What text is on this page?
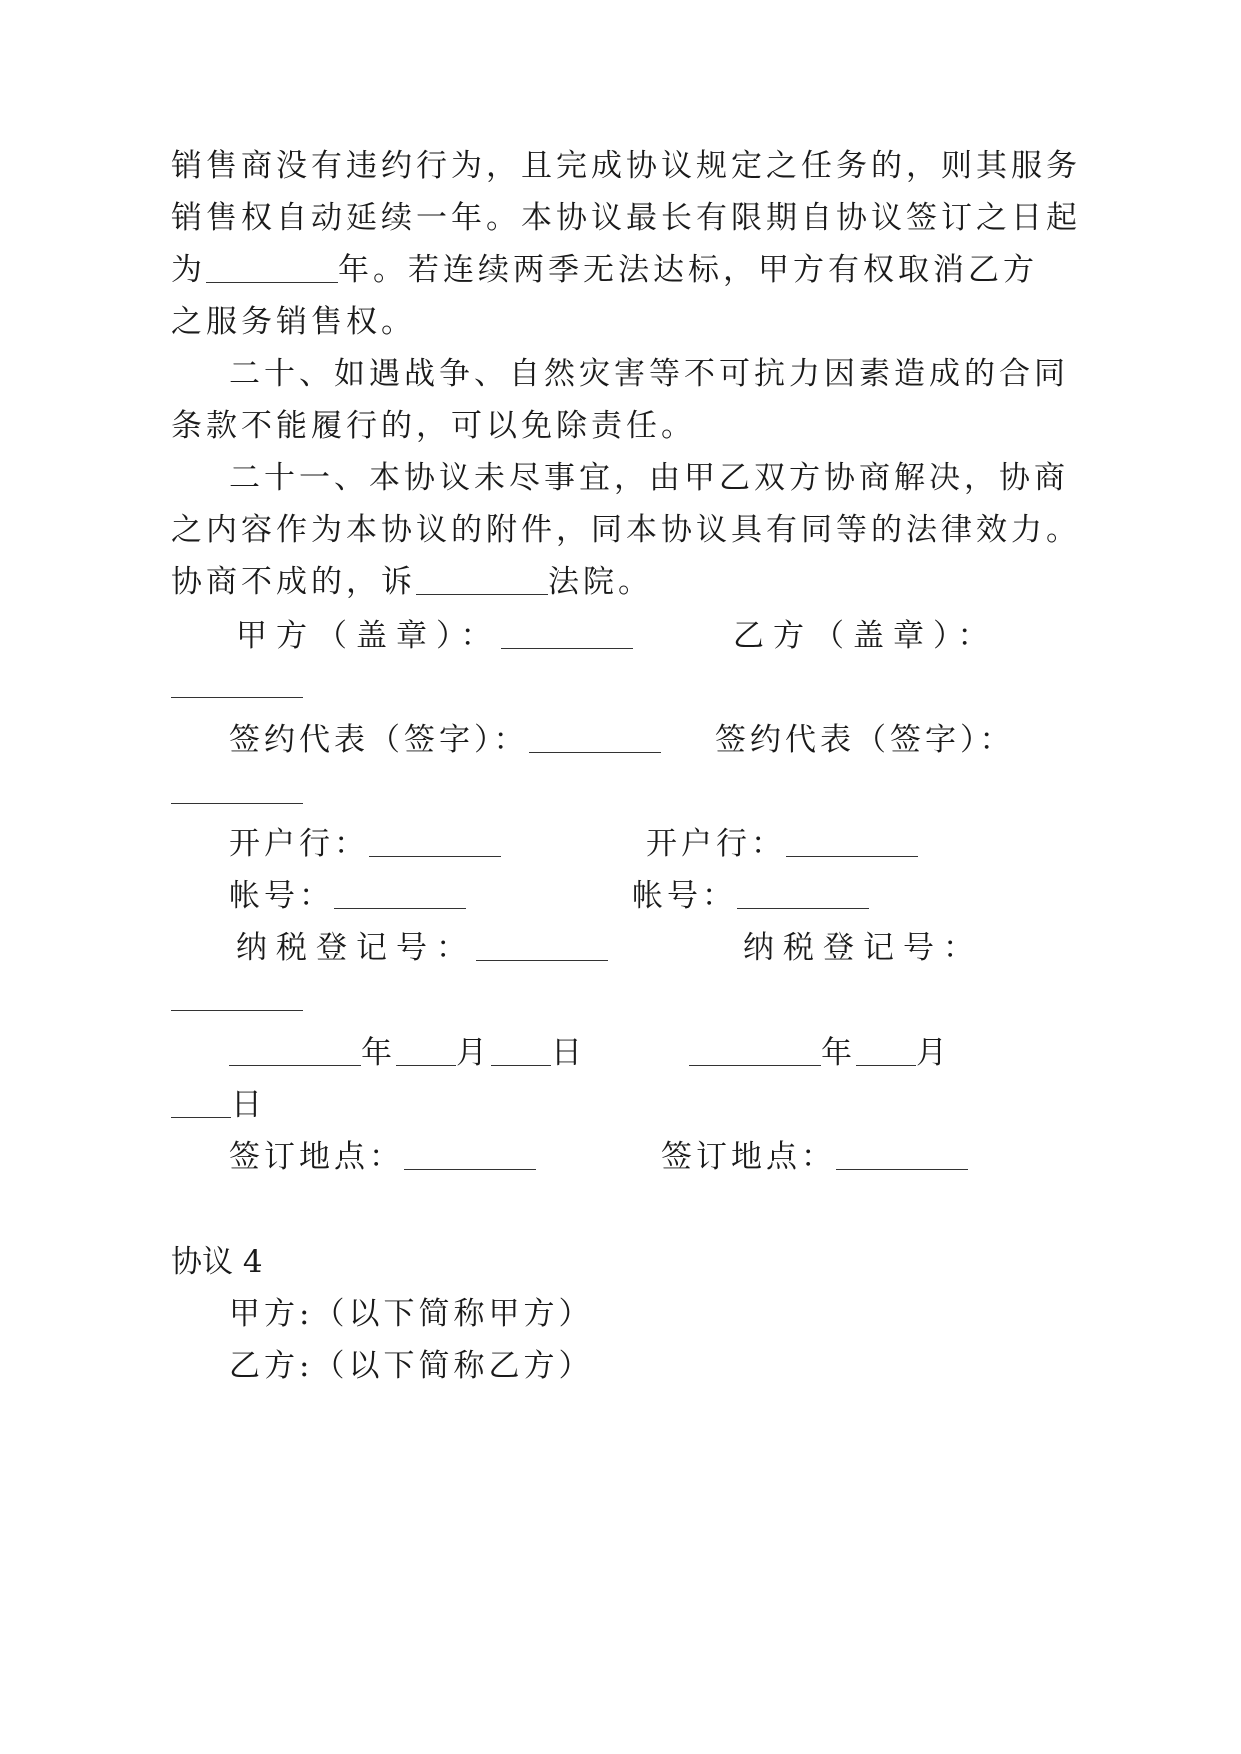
销售商没有违约行为，且完成协议规定之任务的，则其服务

销售权自动延续一年。本协议最长有限期自协议签订之日起

为	年。若连续两季无法达标，甲方有权取消乙方

之服务销售权。

二十、如遇战争、自然灾害等不可抗力因素造成的合同

条款不能履行的，可以免除责任。

二十一、本协议未尽事宜，由甲乙双方协商解决，协商

之内容作为本协议的附件，同本协议具有同等的法律效力。

协商不成的，诉	法院。

甲方（盖章）：	乙方（盖章）：

签约代表（签字）：	签约代表（签字）：

开户行：	开户行：

帐号：	帐号：

纳税登记号：	纳税登记号：

年 月 日	年 月

日

签订地点：	签订地点：

协议 4

甲方:（以下简称甲方）

乙方:（以下简称乙方）
